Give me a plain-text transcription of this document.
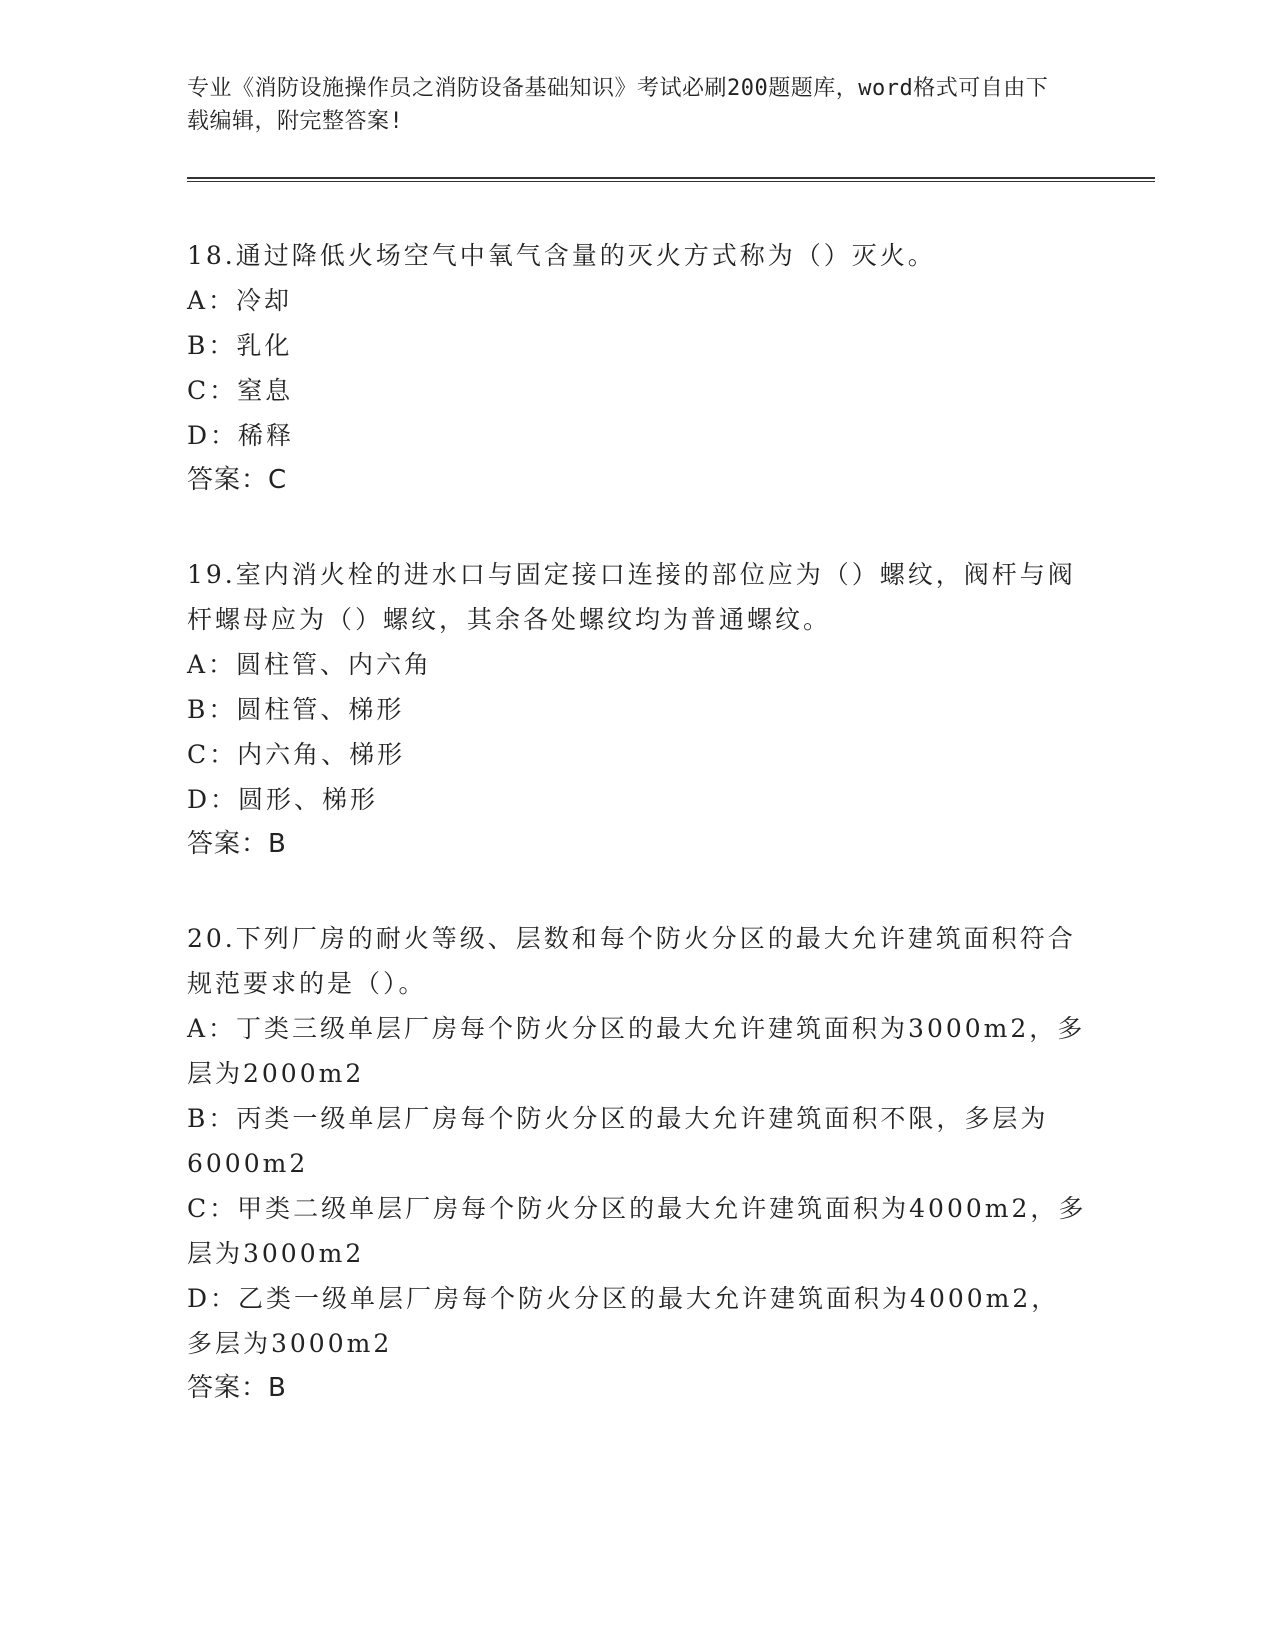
专业《消防设施操作员之消防设备基础知识》考试必刷200题题库，word格式可自由下载编辑，附完整答案!

18.通过降低火场空气中氧气含量的灭火方式称为（）灭火。

A：冷却

B：乳化

C：窒息

D：稀释

答案：C

19.室内消火栓的进水口与固定接口连接的部位应为（）螺纹，阀杆与阀杆螺母应为（）螺纹，其余各处螺纹均为普通螺纹。

A：圆柱管、内六角

B：圆柱管、梯形

C：内六角、梯形

D：圆形、梯形

答案：B

20.下列厂房的耐火等级、层数和每个防火分区的最大允许建筑面积符合规范要求的是（）。

A：丁类三级单层厂房每个防火分区的最大允许建筑面积为3000m2，多层为2000m2

B：丙类一级单层厂房每个防火分区的最大允许建筑面积不限，多层为6000m2

C：甲类二级单层厂房每个防火分区的最大允许建筑面积为4000m2，多层为3000m2

D：乙类一级单层厂房每个防火分区的最大允许建筑面积为4000m2，多层为3000m2

答案：B
